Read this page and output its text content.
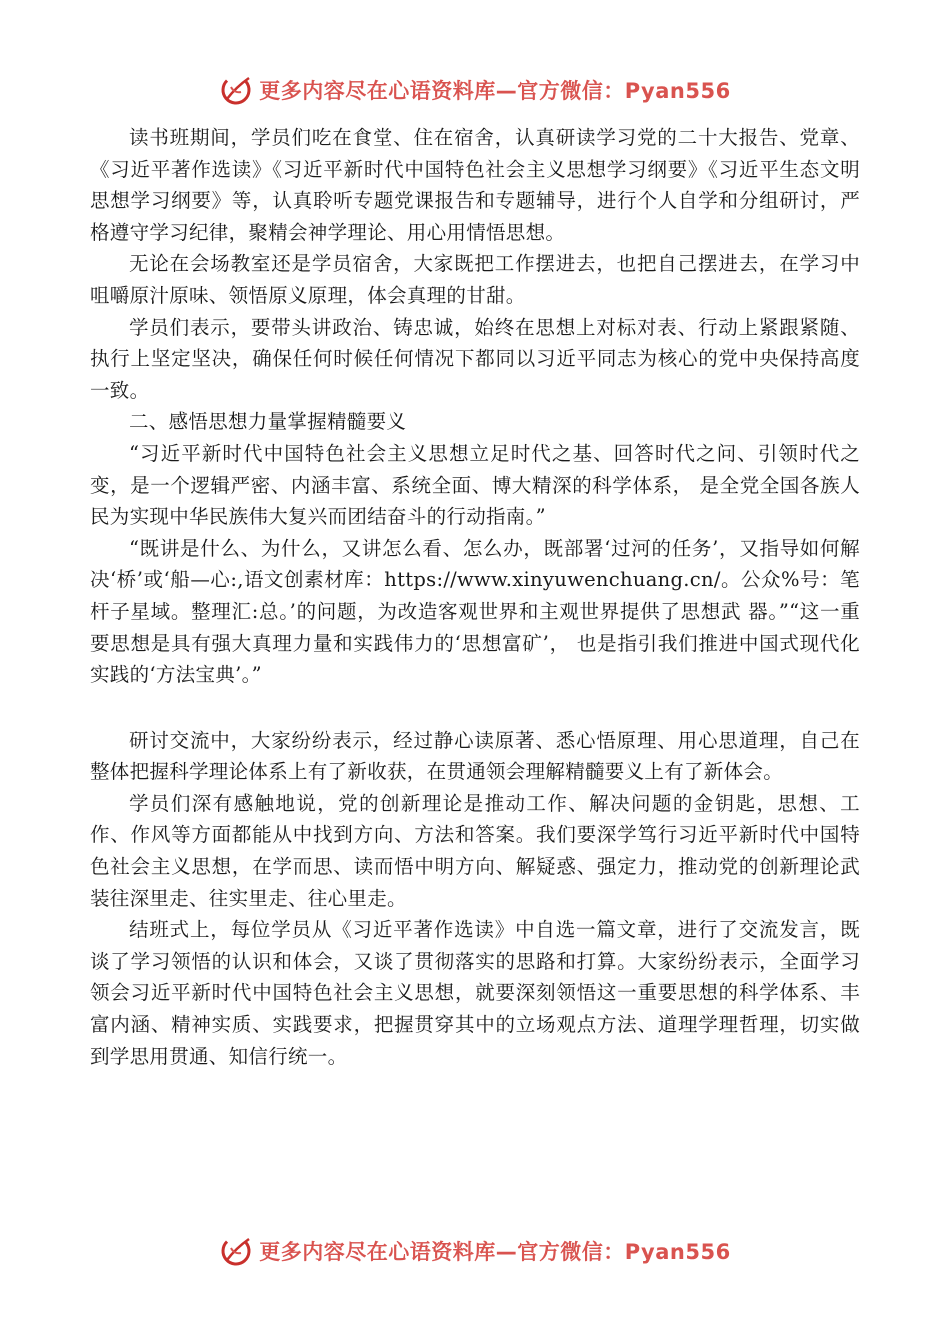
更多内容尽在心语资料库—官方微信：Pyan556

读书班期间，学员们吃在食堂、住在宿舍，认真研读学习党的二十大报告、党章、《习近平著作选读》《习近平新时代中国特色社会主义思想学习纲要》《习近平生态文明思想学习纲要》等，认真聆听专题党课报告和专题辅导，进行个人自学和分组研讨，严格遵守学习纪律，聚精会神学理论、用心用情悟思想。

无论在会场教室还是学员宿舍，大家既把工作摆进去，也把自己摆进去，在学习中咀嚼原汁原味、领悟原义原理，体会真理的甘甜。

学员们表示，要带头讲政治、铸忠诚，始终在思想上对标对表、行动上紧跟紧随、执行上坚定坚决，确保任何时候任何情况下都同以习近平同志为核心的党中央保持高度一致。

二、感悟思想力量掌握精髓要义

“习近平新时代中国特色社会主义思想立足时代之基、回答时代之问、引领时代之变，是一个逻辑严密、内涵丰富、系统全面、博大精深的科学体系， 是全党全国各族人民为实现中华民族伟大复兴而团结奋斗的行动指南。”

“既讲是什么、为什么，又讲怎么看、怎么办，既部署‘过河的任务’，又指导如何解决‘桥’或‘船—心:,语文创素材库：https://www.xinyuwenchuang.cn/。公众%号：笔杆子星域。整理汇:总。’的问题，为改造客观世界和主观世界提供了思想武 器。”“这一重要思想是具有强大真理力量和实践伟力的‘思想富矿’， 也是指引我们推进中国式现代化实践的‘方法宝典’。”

研讨交流中，大家纷纷表示，经过静心读原著、悉心悟原理、用心思道理，自己在整体把握科学理论体系上有了新收获，在贯通领会理解精髓要义上有了新体会。

学员们深有感触地说，党的创新理论是推动工作、解决问题的金钥匙，思想、工作、作风等方面都能从中找到方向、方法和答案。我们要深学笃行习近平新时代中国特色社会主义思想，在学而思、读而悟中明方向、解疑惑、强定力，推动党的创新理论武装往深里走、往实里走、往心里走。

结班式上，每位学员从《习近平著作选读》中自选一篇文章，进行了交流发言，既谈了学习领悟的认识和体会，又谈了贯彻落实的思路和打算。大家纷纷表示，全面学习领会习近平新时代中国特色社会主义思想，就要深刻领悟这一重要思想的科学体系、丰富内涵、精神实质、实践要求，把握贯穿其中的立场观点方法、道理学理哲理，切实做到学思用贯通、知信行统一。

更多内容尽在心语资料库—官方微信：Pyan556
